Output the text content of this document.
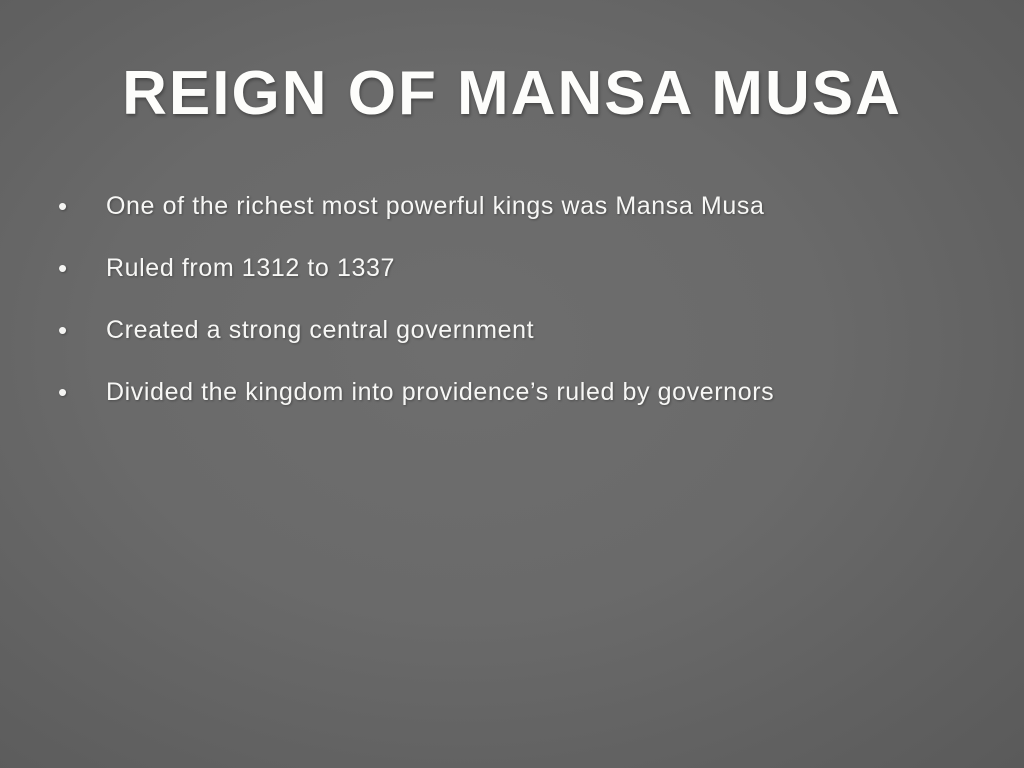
REIGN OF MANSA MUSA
•	One of the richest most powerful kings was Mansa Musa
•	Ruled from 1312 to 1337
•	Created a strong central government
•	Divided the kingdom into providence’s ruled by governors
